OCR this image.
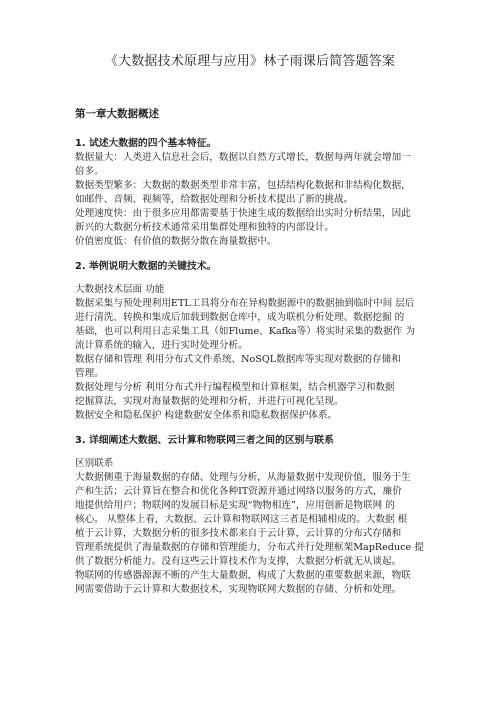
《大数据技术原理与应用》林子雨课后简答题答案
第一章大数据概述
1. 试述大数据的四个基本特征。
数据量大：人类进入信息社会后，数据以自然方式增长，数据每两年就会增加一
倍多。
数据类型繁多：大数据的数据类型非常丰富，包括结构化数据和非结构化数据，
如邮件、音频、视频等，给数据处理和分析技术提出了新的挑战。
处理速度快：由于很多应用都需要基于快速生成的数据给出实时分析结果，因此
新兴的大数据分析技术通常采用集群处理和独特的内部设计。
价值密度低：有价值的数据分散在海量数据中。
2. 举例说明大数据的关键技术。
大数据技术层面 功能
数据采集与预处理利用ETL工具将分布在异构数据源中的数据抽到临时中间 层后
进行清洗、转换和集成后加载到数据仓库中，成为联机分析处理、数据挖掘 的
基础，也可以利用日志采集工具（如Flume、Kafka等）将实时采集的数据作 为
流计算系统的输入，进行实时处理分析。
数据存储和管理 利用分布式文件系统、NoSQL数据库等实现对数据的存储和
管理。
数据处理与分析 利用分布式并行编程模型和计算框架，结合机器学习和数据
挖掘算法，实现对海量数据的处理和分析，并进行可视化呈现。
数据安全和隐私保护 构建数据安全体系和隐私数据保护体系。
3. 详细阐述大数据、云计算和物联网三者之间的区别与联系
区别联系
大数据侧重于海量数据的存储、处理与分析，从海量数据中发现价值，服务于生
产和生活；云计算旨在整合和优化各种IT资源并通过网络以服务的方式，廉价
地提供给用户；物联网的发展目标是实现“物物相连”，应用创新是物联网 的
核心。 从整体上看，大数据、云计算和物联网这三者是相辅相成的。大数据 根
植于云计算，大数据分析的很多技术都来自于云计算，云计算的分布式存储和
管理系统提供了海量数据的存储和管理能力，分布式并行处理框架MapReduce 提
供了数据分析能力。没有这些云计算技术作为支撑，大数据分析就无从谈起。
物联网的传感器源源不断的产生大量数据，构成了大数据的重要数据来源，物联
网需要借助于云计算和大数据技术，实现物联网大数据的存储、分析和处理。
